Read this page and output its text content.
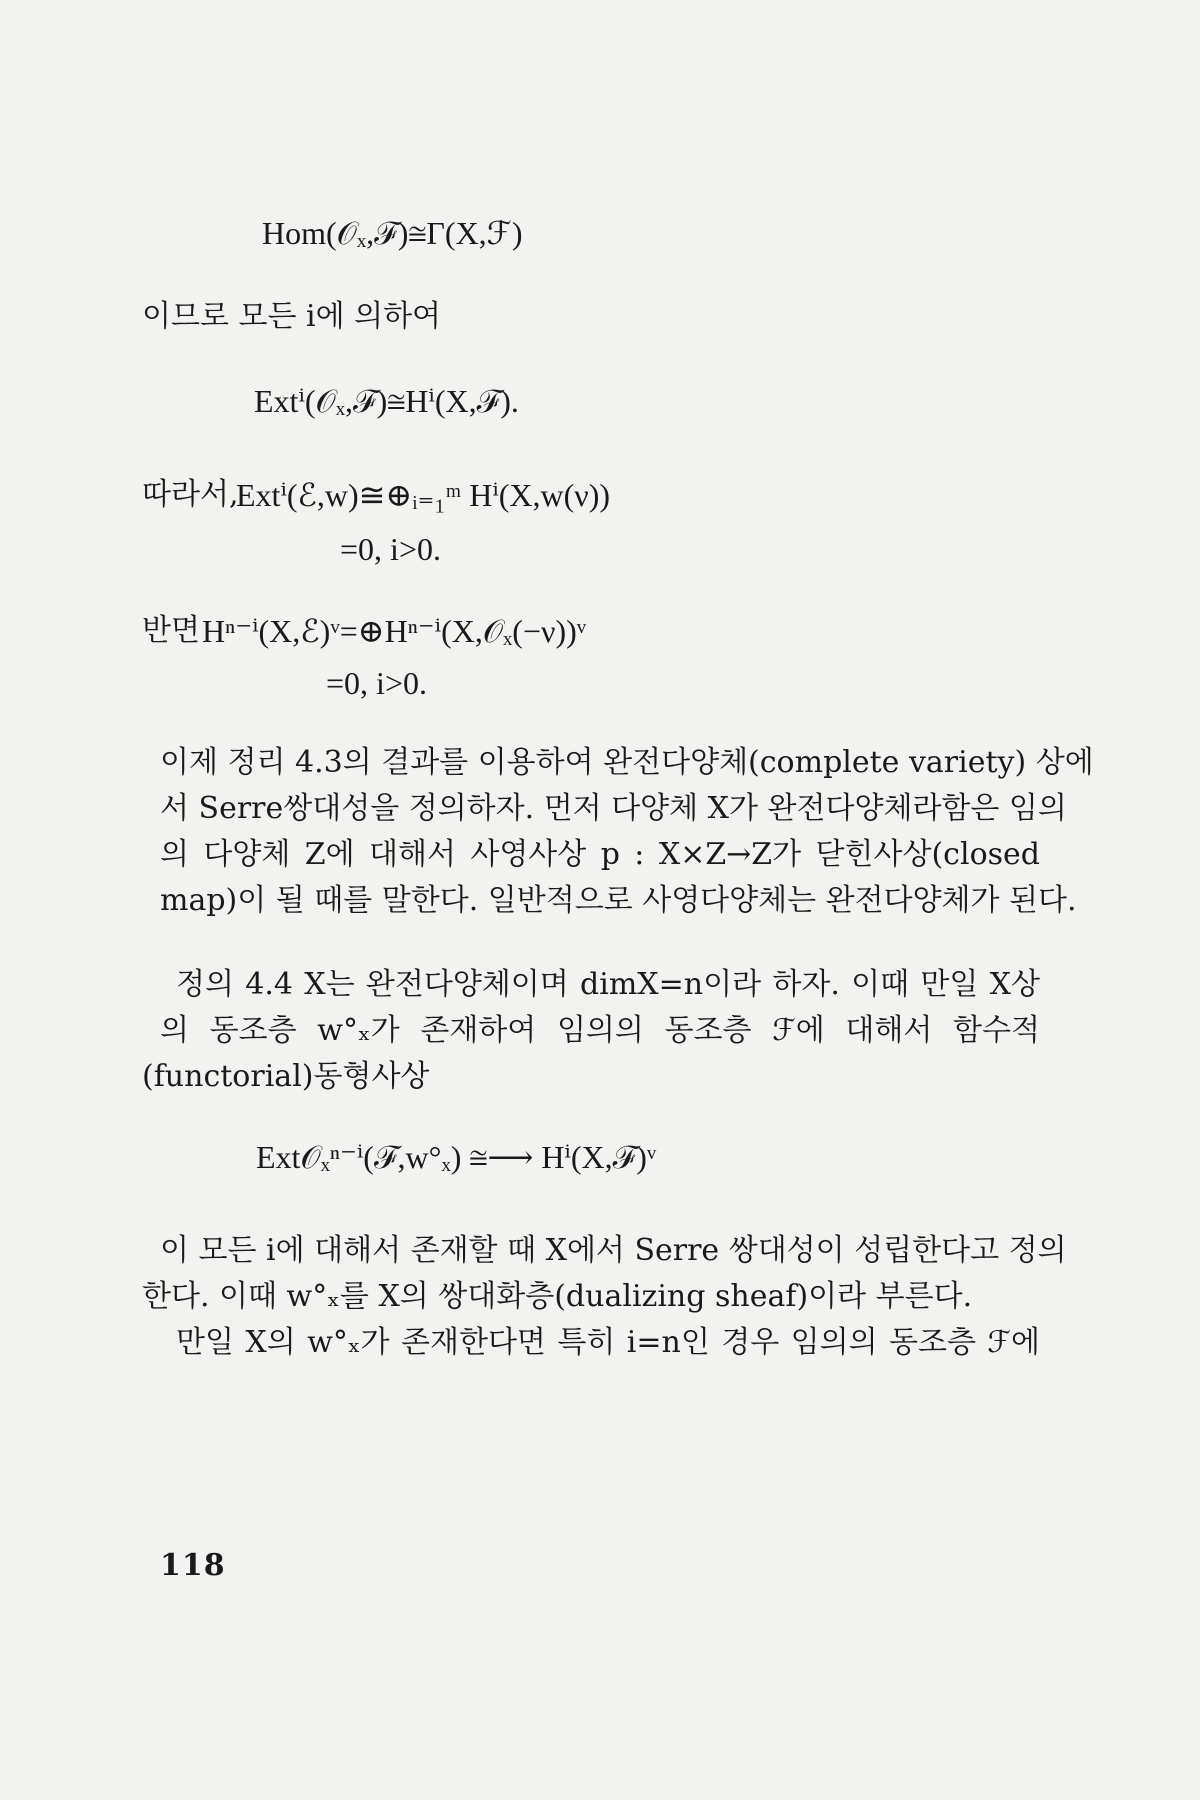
Hom(𝒪ₓ,ℱ)≅Γ(X,ℱ)
이므로 모든 i에 의하여
Extⁱ(𝒪ₓ,ℱ)≅Hⁱ(X,ℱ).
따라서,
Extⁱ(ℰ,w)≅⊕ᵢ₌₁ᵐ Hⁱ(X,w(ν))
=0, i>0.
반면 Hⁿ⁻ⁱ(X,ℰ)ᵛ=⊕Hⁿ⁻ⁱ(X,𝒪ₓ(−ν))ᵛ
=0, i>0.
이제 정리 4.3의 결과를 이용하여 완전다양체(complete variety) 상에
서 Serre쌍대성을 정의하자. 먼저 다양체 X가 완전다양체라함은 임의
의 다양체 Z에 대해서 사영사상 p : X×Z→Z가 닫힌사상(closed
map)이 될 때를 말한다. 일반적으로 사영다양체는 완전다양체가 된다.
정의 4.4 X는 완전다양체이며 dimX=n이라 하자. 이때 만일 X상
의 동조층 w°ₓ가 존재하여 임의의 동조층 ℱ에 대해서 함수적
(functorial)동형사상
Ext𝒪ₓⁿ⁻ⁱ(ℱ,w°ₓ) ≅⟶ Hⁱ(X,ℱ)ᵛ
이 모든 i에 대해서 존재할 때 X에서 Serre 쌍대성이 성립한다고 정의
한다. 이때 w°ₓ를 X의 쌍대화층(dualizing sheaf)이라 부른다.
만일 X의 w°ₓ가 존재한다면 특히 i=n인 경우 임의의 동조층 ℱ에
118
